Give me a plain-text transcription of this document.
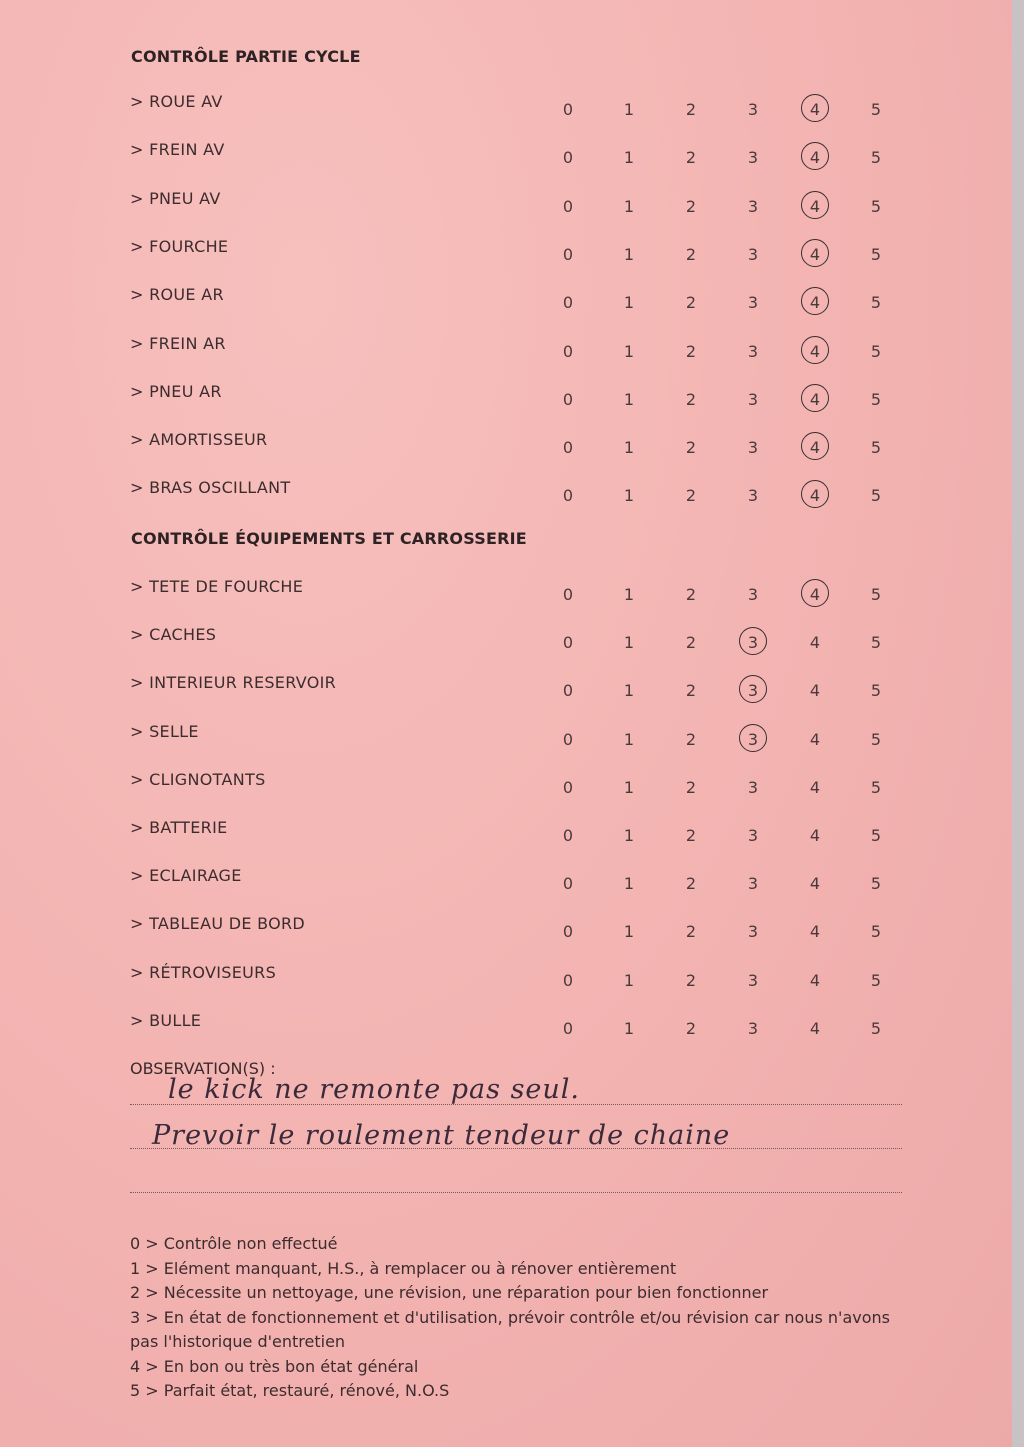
CONTRÔLE PARTIE CYCLE
> ROUE AV	0	1	2	3	4	5
> FREIN AV	0	1	2	3	4	5
> PNEU AV	0	1	2	3	4	5
> FOURCHE	0	1	2	3	4	5
> ROUE AR	0	1	2	3	4	5
> FREIN AR	0	1	2	3	4	5
> PNEU AR	0	1	2	3	4	5
> AMORTISSEUR	0	1	2	3	4	5
> BRAS OSCILLANT	0	1	2	3	4	5
CONTRÔLE ÉQUIPEMENTS ET CARROSSERIE
> TETE DE FOURCHE	0	1	2	3	4	5
> CACHES	0	1	2	3	4	5
> INTERIEUR RESERVOIR	0	1	2	3	4	5
> SELLE	0	1	2	3	4	5
> CLIGNOTANTS	0	1	2	3	4	5
> BATTERIE	0	1	2	3	4	5
> ECLAIRAGE	0	1	2	3	4	5
> TABLEAU DE BORD	0	1	2	3	4	5
> RÉTROVISEURS	0	1	2	3	4	5
> BULLE	0	1	2	3	4	5
OBSERVATION(S) :
le kick ne remonte pas seul.
Prevoir le roulement tendeur de chaine

0 > Contrôle non effectué

1 > Elément manquant, H.S., à remplacer ou à rénover entièrement

2 > Nécessite un nettoyage, une révision, une réparation pour bien fonctionner

3 > En état de fonctionnement et d'utilisation, prévoir contrôle et/ou révision car nous n'avons pas l'historique d'entretien

4 > En bon ou très bon état général

5 > Parfait état, restauré, rénové, N.O.S
